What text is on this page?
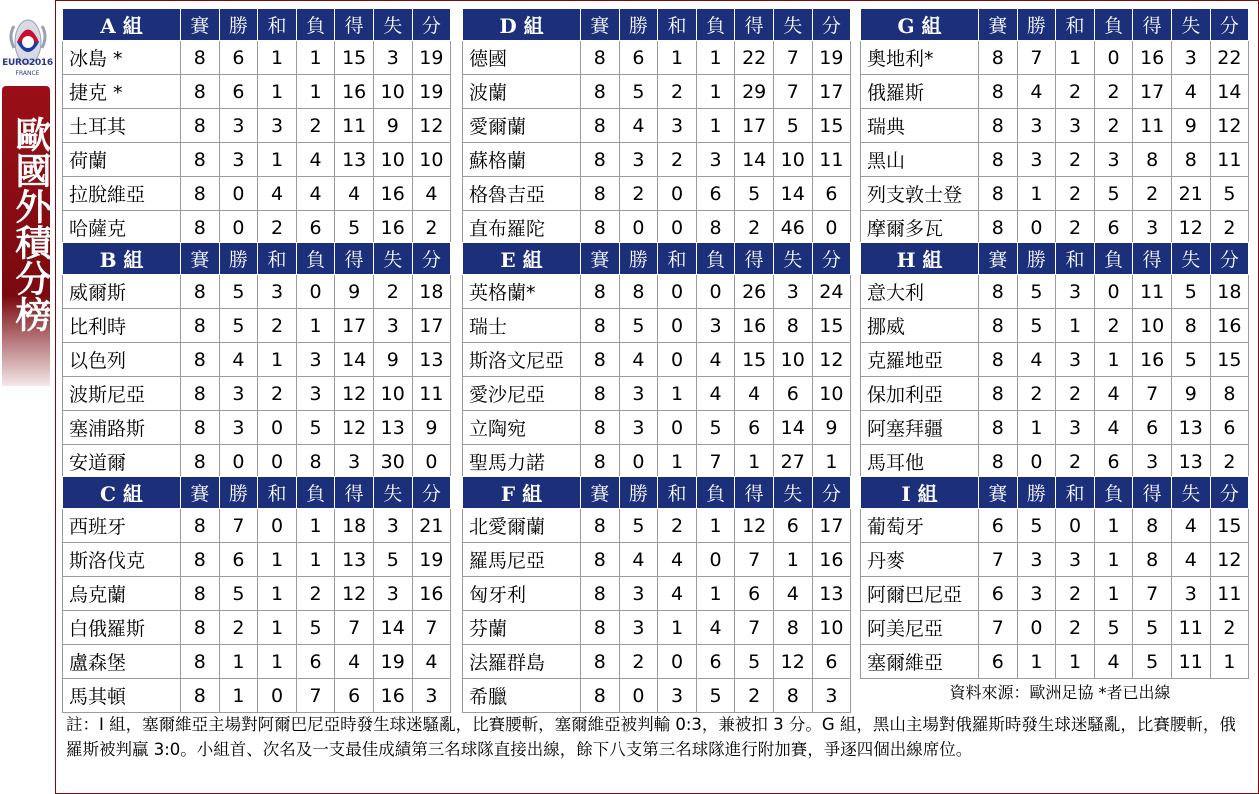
EURO2016
FRANCE
歐國外積分榜
A 組	賽	勝	和	負	得	失	分
冰島 *	8	6	1	1	15	3	19
捷克 *	8	6	1	1	16	10	19
土耳其	8	3	3	2	11	9	12
荷蘭	8	3	1	4	13	10	10
拉脫維亞	8	0	4	4	4	16	4
哈薩克	8	0	2	6	5	16	2
B 組	賽	勝	和	負	得	失	分
威爾斯	8	5	3	0	9	2	18
比利時	8	5	2	1	17	3	17
以色列	8	4	1	3	14	9	13
波斯尼亞	8	3	2	3	12	10	11
塞浦路斯	8	3	0	5	12	13	9
安道爾	8	0	0	8	3	30	0
C 組	賽	勝	和	負	得	失	分
西班牙	8	7	0	1	18	3	21
斯洛伐克	8	6	1	1	13	5	19
烏克蘭	8	5	1	2	12	3	16
白俄羅斯	8	2	1	5	7	14	7
盧森堡	8	1	1	6	4	19	4
馬其頓	8	1	0	7	6	16	3
D 組	賽	勝	和	負	得	失	分
德國	8	6	1	1	22	7	19
波蘭	8	5	2	1	29	7	17
愛爾蘭	8	4	3	1	17	5	15
蘇格蘭	8	3	2	3	14	10	11
格魯吉亞	8	2	0	6	5	14	6
直布羅陀	8	0	0	8	2	46	0
E 組	賽	勝	和	負	得	失	分
英格蘭*	8	8	0	0	26	3	24
瑞士	8	5	0	3	16	8	15
斯洛文尼亞	8	4	0	4	15	10	12
愛沙尼亞	8	3	1	4	4	6	10
立陶宛	8	3	0	5	6	14	9
聖馬力諾	8	0	1	7	1	27	1
F 組	賽	勝	和	負	得	失	分
北愛爾蘭	8	5	2	1	12	6	17
羅馬尼亞	8	4	4	0	7	1	16
匈牙利	8	3	4	1	6	4	13
芬蘭	8	3	1	4	7	8	10
法羅群島	8	2	0	6	5	12	6
希臘	8	0	3	5	2	8	3
G 組	賽	勝	和	負	得	失	分
奧地利*	8	7	1	0	16	3	22
俄羅斯	8	4	2	2	17	4	14
瑞典	8	3	3	2	11	9	12
黑山	8	3	2	3	8	8	11
列支敦士登	8	1	2	5	2	21	5
摩爾多瓦	8	0	2	6	3	12	2
H 組	賽	勝	和	負	得	失	分
意大利	8	5	3	0	11	5	18
挪威	8	5	1	2	10	8	16
克羅地亞	8	4	3	1	16	5	15
保加利亞	8	2	2	4	7	9	8
阿塞拜疆	8	1	3	4	6	13	6
馬耳他	8	0	2	6	3	13	2
I 組	賽	勝	和	負	得	失	分
葡萄牙	6	5	0	1	8	4	15
丹麥	7	3	3	1	8	4	12
阿爾巴尼亞	6	3	2	1	7	3	11
阿美尼亞	7	0	2	5	5	11	2
塞爾維亞	6	1	1	4	5	11	1
資料來源：歐洲足協 *者已出線
註：I 組，塞爾維亞主場對阿爾巴尼亞時發生球迷騷亂，比賽腰斬，塞爾維亞被判輸 0:3，兼被扣 3 分。G 組，黑山主場對俄羅斯時發生球迷騷亂，比賽腰斬，俄羅斯被判贏 3:0。小組首、次名及一支最佳成績第三名球隊直接出線，餘下八支第三名球隊進行附加賽，爭逐四個出線席位。
